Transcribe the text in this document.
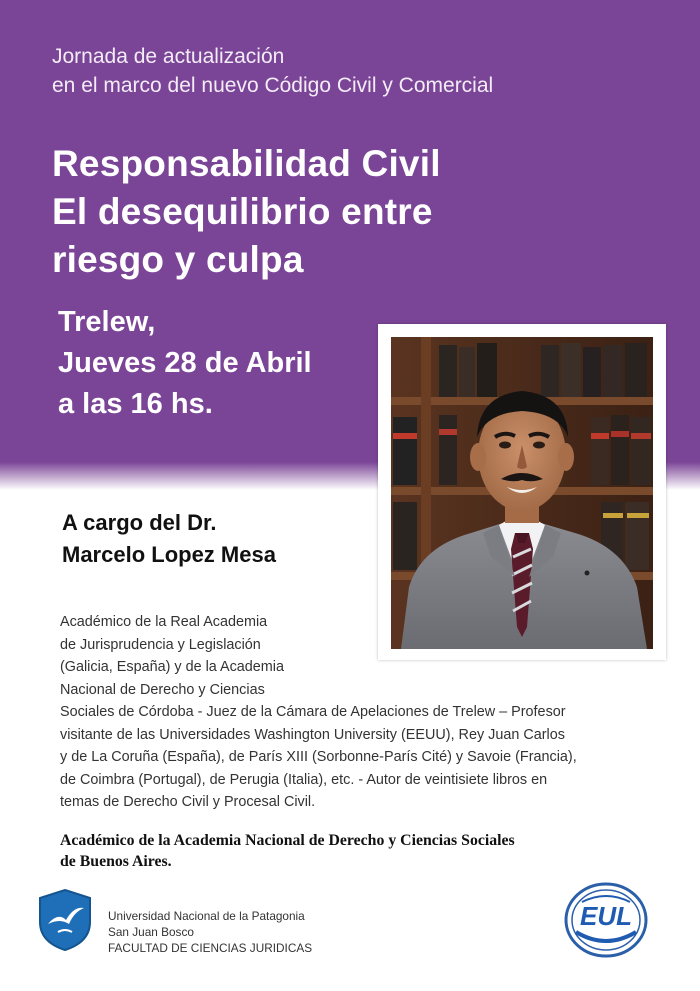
Jornada de actualización
en el marco del nuevo Código Civil y Comercial
Responsabilidad Civil
El desequilibrio entre
riesgo y culpa
Trelew,
Jueves 28 de Abril
a las 16 hs.
A cargo del Dr.
Marcelo Lopez Mesa
Académico de la Real Academia
de Jurisprudencia y Legislación
(Galicia, España) y de la Academia
Nacional de Derecho y Ciencias
Sociales de Córdoba - Juez de la Cámara de Apelaciones de Trelew – Profesor
visitante de las Universidades Washington University (EEUU), Rey Juan Carlos
y de La Coruña (España), de París XIII (Sorbonne-París Cité) y Savoie (Francia),
de Coimbra (Portugal), de Perugia (Italia), etc. - Autor de veintisiete libros en
temas de Derecho Civil y Procesal Civil.
Académico de la Academia Nacional de Derecho y Ciencias Sociales
de Buenos Aires.
Universidad Nacional de la Patagonia
San Juan Bosco
FACULTAD DE CIENCIAS JURIDICAS
EUL
